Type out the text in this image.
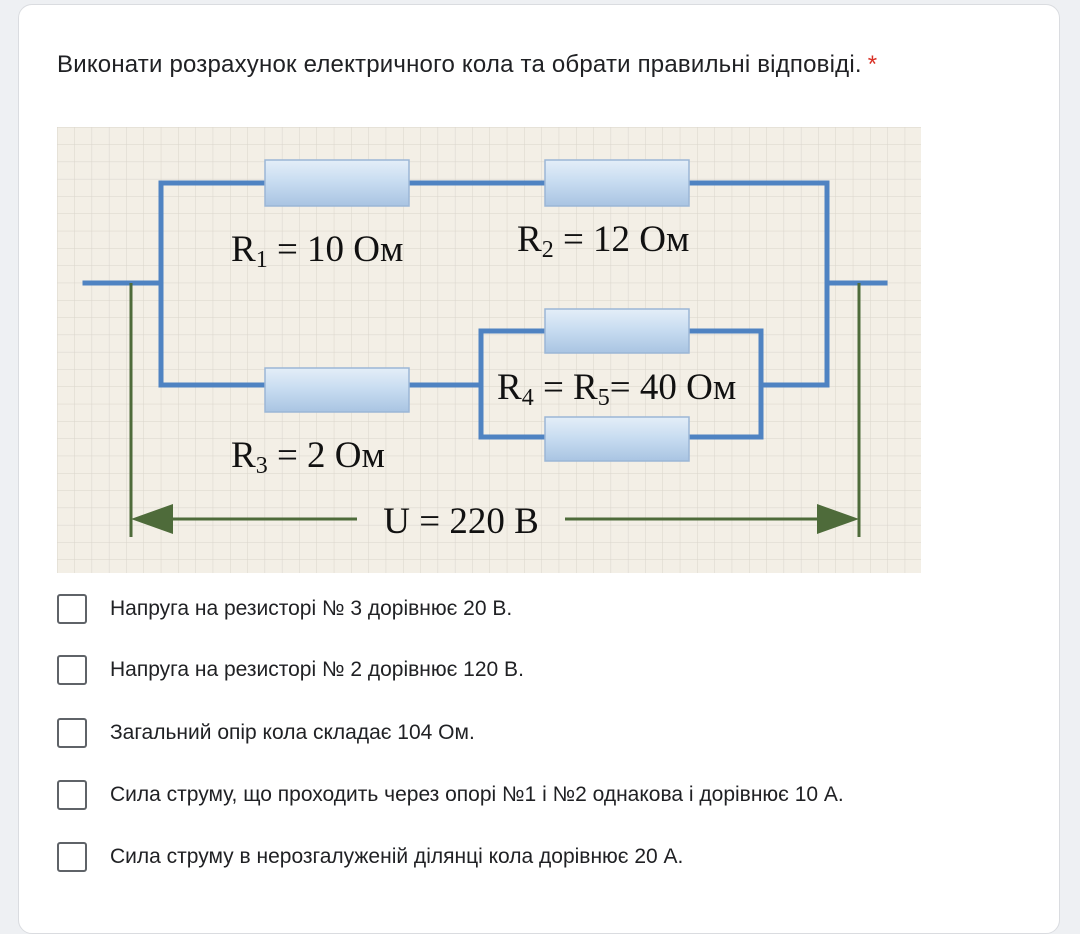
Виконати розрахунок електричного кола та обрати правильні відповіді. *
R1 = 10 Ом	R2 = 12 Ом
R3 = 2 Ом
R4 = R5= 40 Ом
U = 220 В
Напруга на резисторі № 3 дорівнює 20 В.
Напруга на резисторі № 2 дорівнює 120 В.
Загальний опір кола складає 104 Ом.
Сила струму, що проходить через опорі №1 і №2 однакова і дорівнює 10 А.
Сила струму в нерозгалуженій ділянці кола дорівнює 20 А.
